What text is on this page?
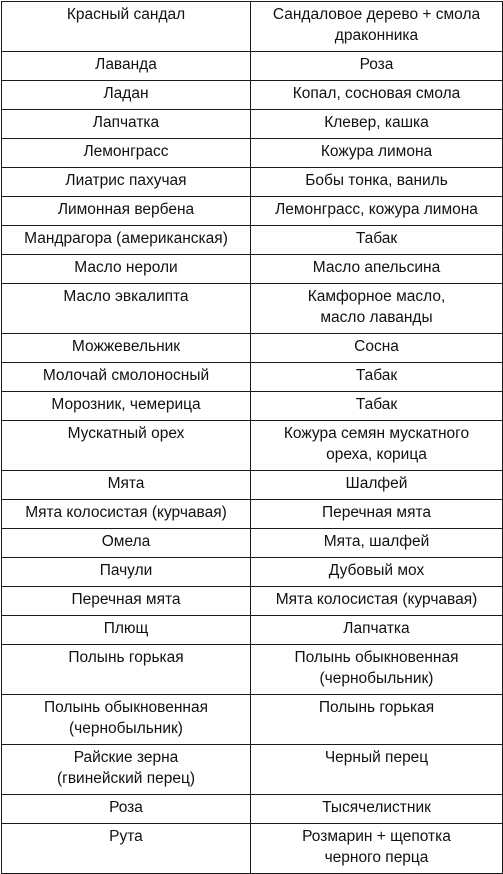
Красный сандал	Сандаловое дерево + смола
драконника
Лаванда	Роза
Ладан	Копал, сосновая смола
Лапчатка	Клевер, кашка
Лемонграсс	Кожура лимона
Лиатрис пахучая	Бобы тонка, ваниль
Лимонная вербена	Лемонграсс, кожура лимона
Мандрагора (американская)	Табак
Масло нероли	Масло апельсина
Масло эвкалипта	Камфорное масло,
масло лаванды
Можжевельник	Сосна
Молочай смолоносный	Табак
Морозник, чемерица	Табак
Мускатный орех	Кожура семян мускатного
ореха, корица
Мята	Шалфей
Мята колосистая (курчавая)	Перечная мята
Омела	Мята, шалфей
Пачули	Дубовый мох
Перечная мята	Мята колосистая (курчавая)
Плющ	Лапчатка
Полынь горькая	Полынь обыкновенная
(чернобыльник)
Полынь обыкновенная
(чернобыльник)	Полынь горькая
Райские зерна
(гвинейский перец)	Черный перец
Роза	Тысячелистник
Рута	Розмарин + щепотка
черного перца
